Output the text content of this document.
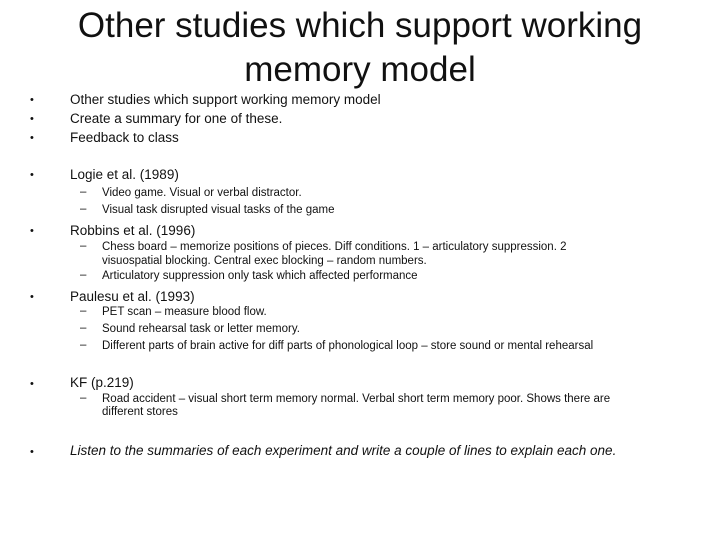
Other studies which support working
memory model
•	Other studies which support working memory model
•	Create a summary for one of these.
•	Feedback to class
•	Logie et al. (1989)
– Video game. Visual or verbal distractor.
– Visual task disrupted visual tasks of the game
•	Robbins et al. (1996)
– Chess board – memorize positions of pieces. Diff conditions. 1 – articulatory suppression. 2
visuospatial blocking. Central exec blocking – random numbers.
– Articulatory suppression only task which affected performance
•	Paulesu et al. (1993)
– PET scan – measure blood flow.
– Sound rehearsal task or letter memory.
– Different parts of brain active for diff parts of phonological loop – store sound or mental rehearsal
•	KF (p.219)
– Road accident – visual short term memory normal. Verbal short term memory poor. Shows there are
different stores
•	Listen to the summaries of each experiment and write a couple of lines to explain each one.
